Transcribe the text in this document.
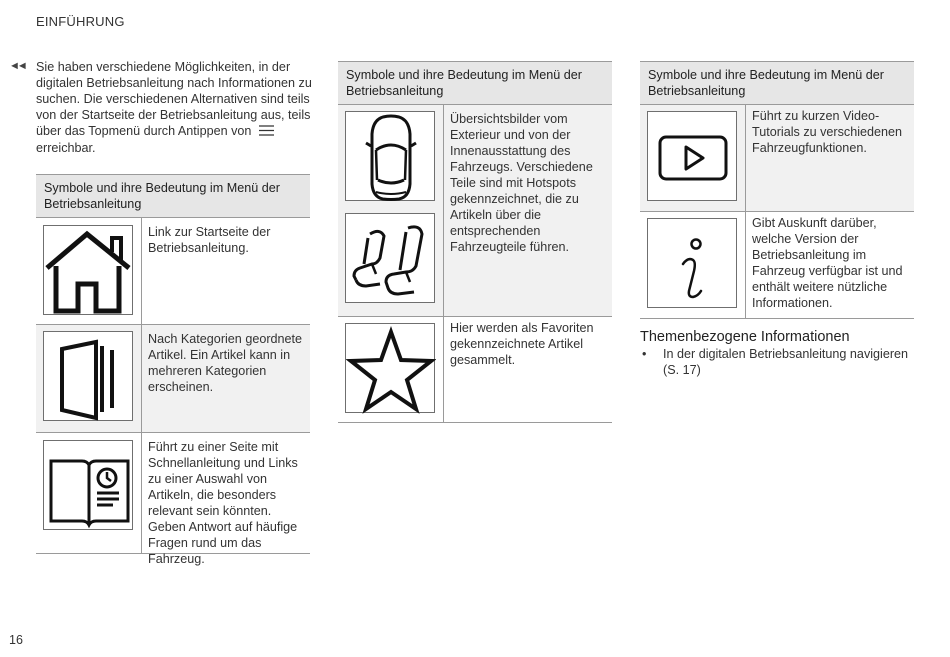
EINFÜHRUNG
◄◄ Sie haben verschiedene Möglichkeiten, in der digitalen Betriebsanleitung nach Informationen zu suchen. Die verschiedenen Alternativen sind teils von der Startseite der Betriebsanleitung aus, teils über das Topmenü durch Antippen von  erreichbar.
Symbole und ihre Bedeutung im Menü der Betriebsanleitung
Link zur Startseite der Betriebsanleitung.
Nach Kategorien geordnete Artikel. Ein Artikel kann in mehreren Kategorien erscheinen.
Führt zu einer Seite mit Schnellanleitung und Links zu einer Auswahl von Artikeln, die besonders relevant sein könnten. Geben Antwort auf häufige Fragen rund um das Fahrzeug.
Symbole und ihre Bedeutung im Menü der Betriebsanleitung
Übersichtsbilder vom Exterieur und von der Innenausstattung des Fahrzeugs. Verschiedene Teile sind mit Hotspots gekennzeichnet, die zu Artikeln über die entsprechenden Fahrzeugteile führen.
Hier werden als Favoriten gekennzeichnete Artikel gesammelt.
Symbole und ihre Bedeutung im Menü der Betriebsanleitung
Führt zu kurzen Video-Tutorials zu verschiedenen Fahrzeugfunktionen.
Gibt Auskunft darüber, welche Version der Betriebsanleitung im Fahrzeug verfügbar ist und enthält weitere nützliche Informationen.
Themenbezogene Informationen
• In der digitalen Betriebsanleitung navigieren (S. 17)
16
